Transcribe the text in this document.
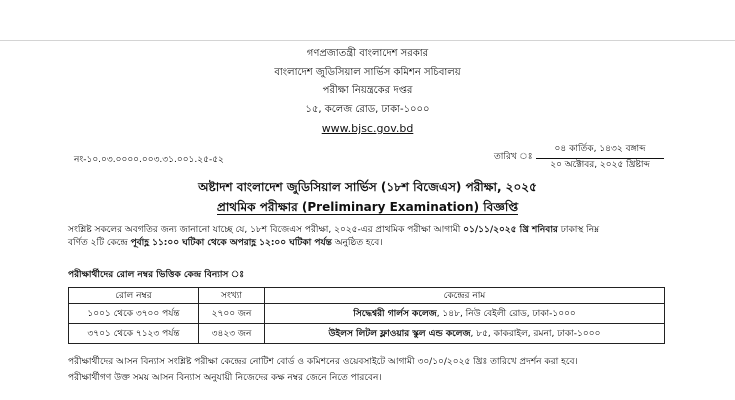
গণপ্রজাতন্ত্রী বাংলাদেশ সরকার
বাংলাদেশ জুডিসিয়াল সার্ভিস কমিশন সচিবালয়
পরীক্ষা নিয়ন্ত্রকের দপ্তর
১৫, কলেজ রোড, ঢাকা-১০০০
www.bjsc.gov.bd
নং-১০.০৩.০০০০.০০৩.৩১.০০১.২৫-৫২	তারিখ ঃ
০৪ কার্তিক, ১৪৩২ বঙ্গাব্দ
২০ অক্টোবর, ২০২৫ খ্রিষ্টাব্দ
অষ্টাদশ বাংলাদেশ জুডিসিয়াল সার্ভিস (১৮শ বিজেএস) পরীক্ষা, ২০২৫
প্রাথমিক পরীক্ষার (Preliminary Examination) বিজ্ঞপ্তি
সংশ্লিষ্ট সকলের অবগতির জন্য জানানো যাচ্ছে যে, ১৮শ বিজেএস পরীক্ষা, ২০২৫-এর প্রাথমিক পরীক্ষা আগামী ০১/১১/২০২৫ খ্রি শনিবার ঢাকাস্থ নিম্ন
বর্ণিত ২টি কেন্দ্রে পূর্বাহ্ণ ১১:০০ ঘটিকা থেকে অপরাহ্ণ ১২:০০ ঘটিকা পর্যন্ত অনুষ্ঠিত হবে।
পরীক্ষার্থীদের রোল নম্বর ভিত্তিক কেন্দ্র বিন্যাস ঃ
রোল নম্বর	সংখ্যা	কেন্দ্রের নাম
১০০১ থেকে ৩৭০০ পর্যন্ত	২৭০০ জন	সিদ্ধেশ্বরী গার্লস কলেজ, ১৪৮, নিউ বেইলী রোড, ঢাকা-১০০০
৩৭০১ থেকে ৭১২৩ পর্যন্ত	৩৪২৩ জন	উইলস লিটল ফ্লাওয়ার স্কুল এন্ড কলেজ, ৮৫, কাকরাইল, রমনা, ঢাকা-১০০০
পরীক্ষার্থীদের আসন বিন্যাস সংশ্লিষ্ট পরীক্ষা কেন্দ্রের নোটিশ বোর্ড ও কমিশনের ওয়েবসাইটে আগামী ৩০/১০/২০২৫ খ্রিঃ তারিখে প্রদর্শন করা হবে।
পরীক্ষার্থীগণ উক্ত সময় আসন বিন্যাস অনুযায়ী নিজেদের কক্ষ নম্বর জেনে নিতে পারবেন।
